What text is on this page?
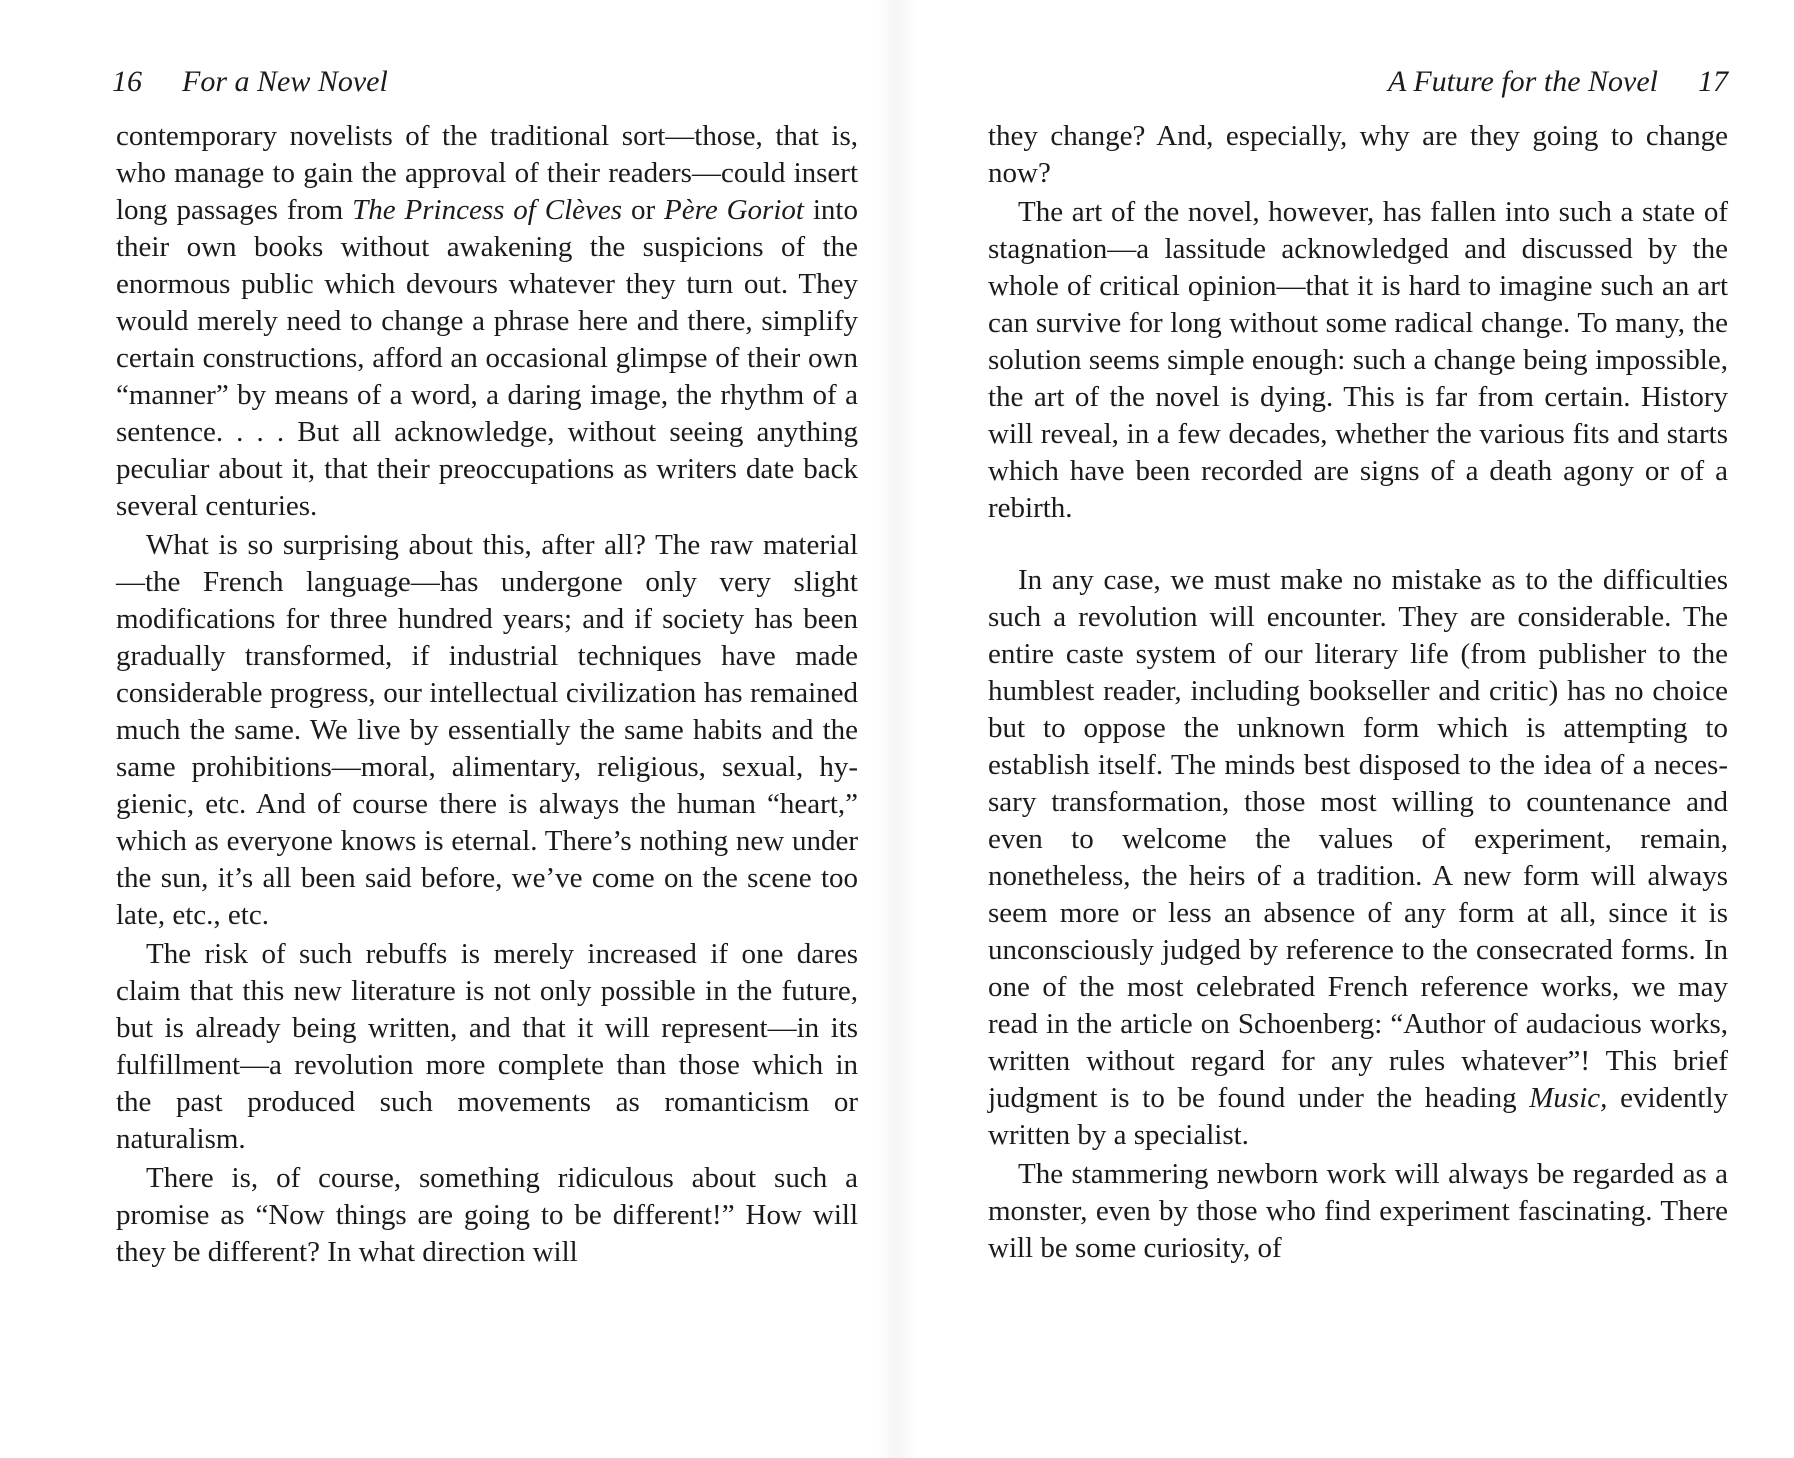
16 For a New Novel

contemporary novelists of the traditional sort—those, that is, who manage to gain the approval of their readers—could insert long passages from The Princess of Clèves or Père Goriot into their own books without awakening the suspicions of the enormous public which devours whatever they turn out. They would merely need to change a phrase here and there, simplify certain constructions, afford an occasional glimpse of their own “manner” by means of a word, a daring image, the rhythm of a sentence. . . . But all acknowledge, without seeing anything peculiar about it, that their preoccupations as writers date back several centuries.

What is so surprising about this, after all? The raw material—the French language—has undergone only very slight modifications for three hundred years; and if society has been gradually transformed, if industrial techniques have made considerable progress, our intellectual civilization has remained much the same. We live by essentially the same habits and the same prohibitions—moral, alimentary, religious, sexual, hygienic, etc. And of course there is always the human “heart,” which as everyone knows is eternal. There’s nothing new under the sun, it’s all been said before, we’ve come on the scene too late, etc., etc.

The risk of such rebuffs is merely increased if one dares claim that this new literature is not only possible in the future, but is already being written, and that it will represent—in its fulfillment—a revolution more complete than those which in the past produced such movements as romanticism or naturalism.

There is, of course, something ridiculous about such a promise as “Now things are going to be different!” How will they be different? In what direction will

A Future for the Novel 17

they change? And, especially, why are they going to change now?

The art of the novel, however, has fallen into such a state of stagnation—a lassitude acknowledged and discussed by the whole of critical opinion—that it is hard to imagine such an art can survive for long without some radical change. To many, the solution seems simple enough: such a change being impossible, the art of the novel is dying. This is far from certain. History will reveal, in a few decades, whether the various fits and starts which have been recorded are signs of a death agony or of a rebirth.

In any case, we must make no mistake as to the difficulties such a revolution will encounter. They are considerable. The entire caste system of our literary life (from publisher to the humblest reader, including bookseller and critic) has no choice but to oppose the unknown form which is attempting to establish itself. The minds best disposed to the idea of a necessary transformation, those most willing to countenance and even to welcome the values of experiment, remain, nonetheless, the heirs of a tradition. A new form will always seem more or less an absence of any form at all, since it is unconsciously judged by reference to the consecrated forms. In one of the most celebrated French reference works, we may read in the article on Schoenberg: “Author of audacious works, written without regard for any rules whatever”! This brief judgment is to be found under the heading Music, evidently written by a specialist.

The stammering newborn work will always be regarded as a monster, even by those who find experiment fascinating. There will be some curiosity, of
